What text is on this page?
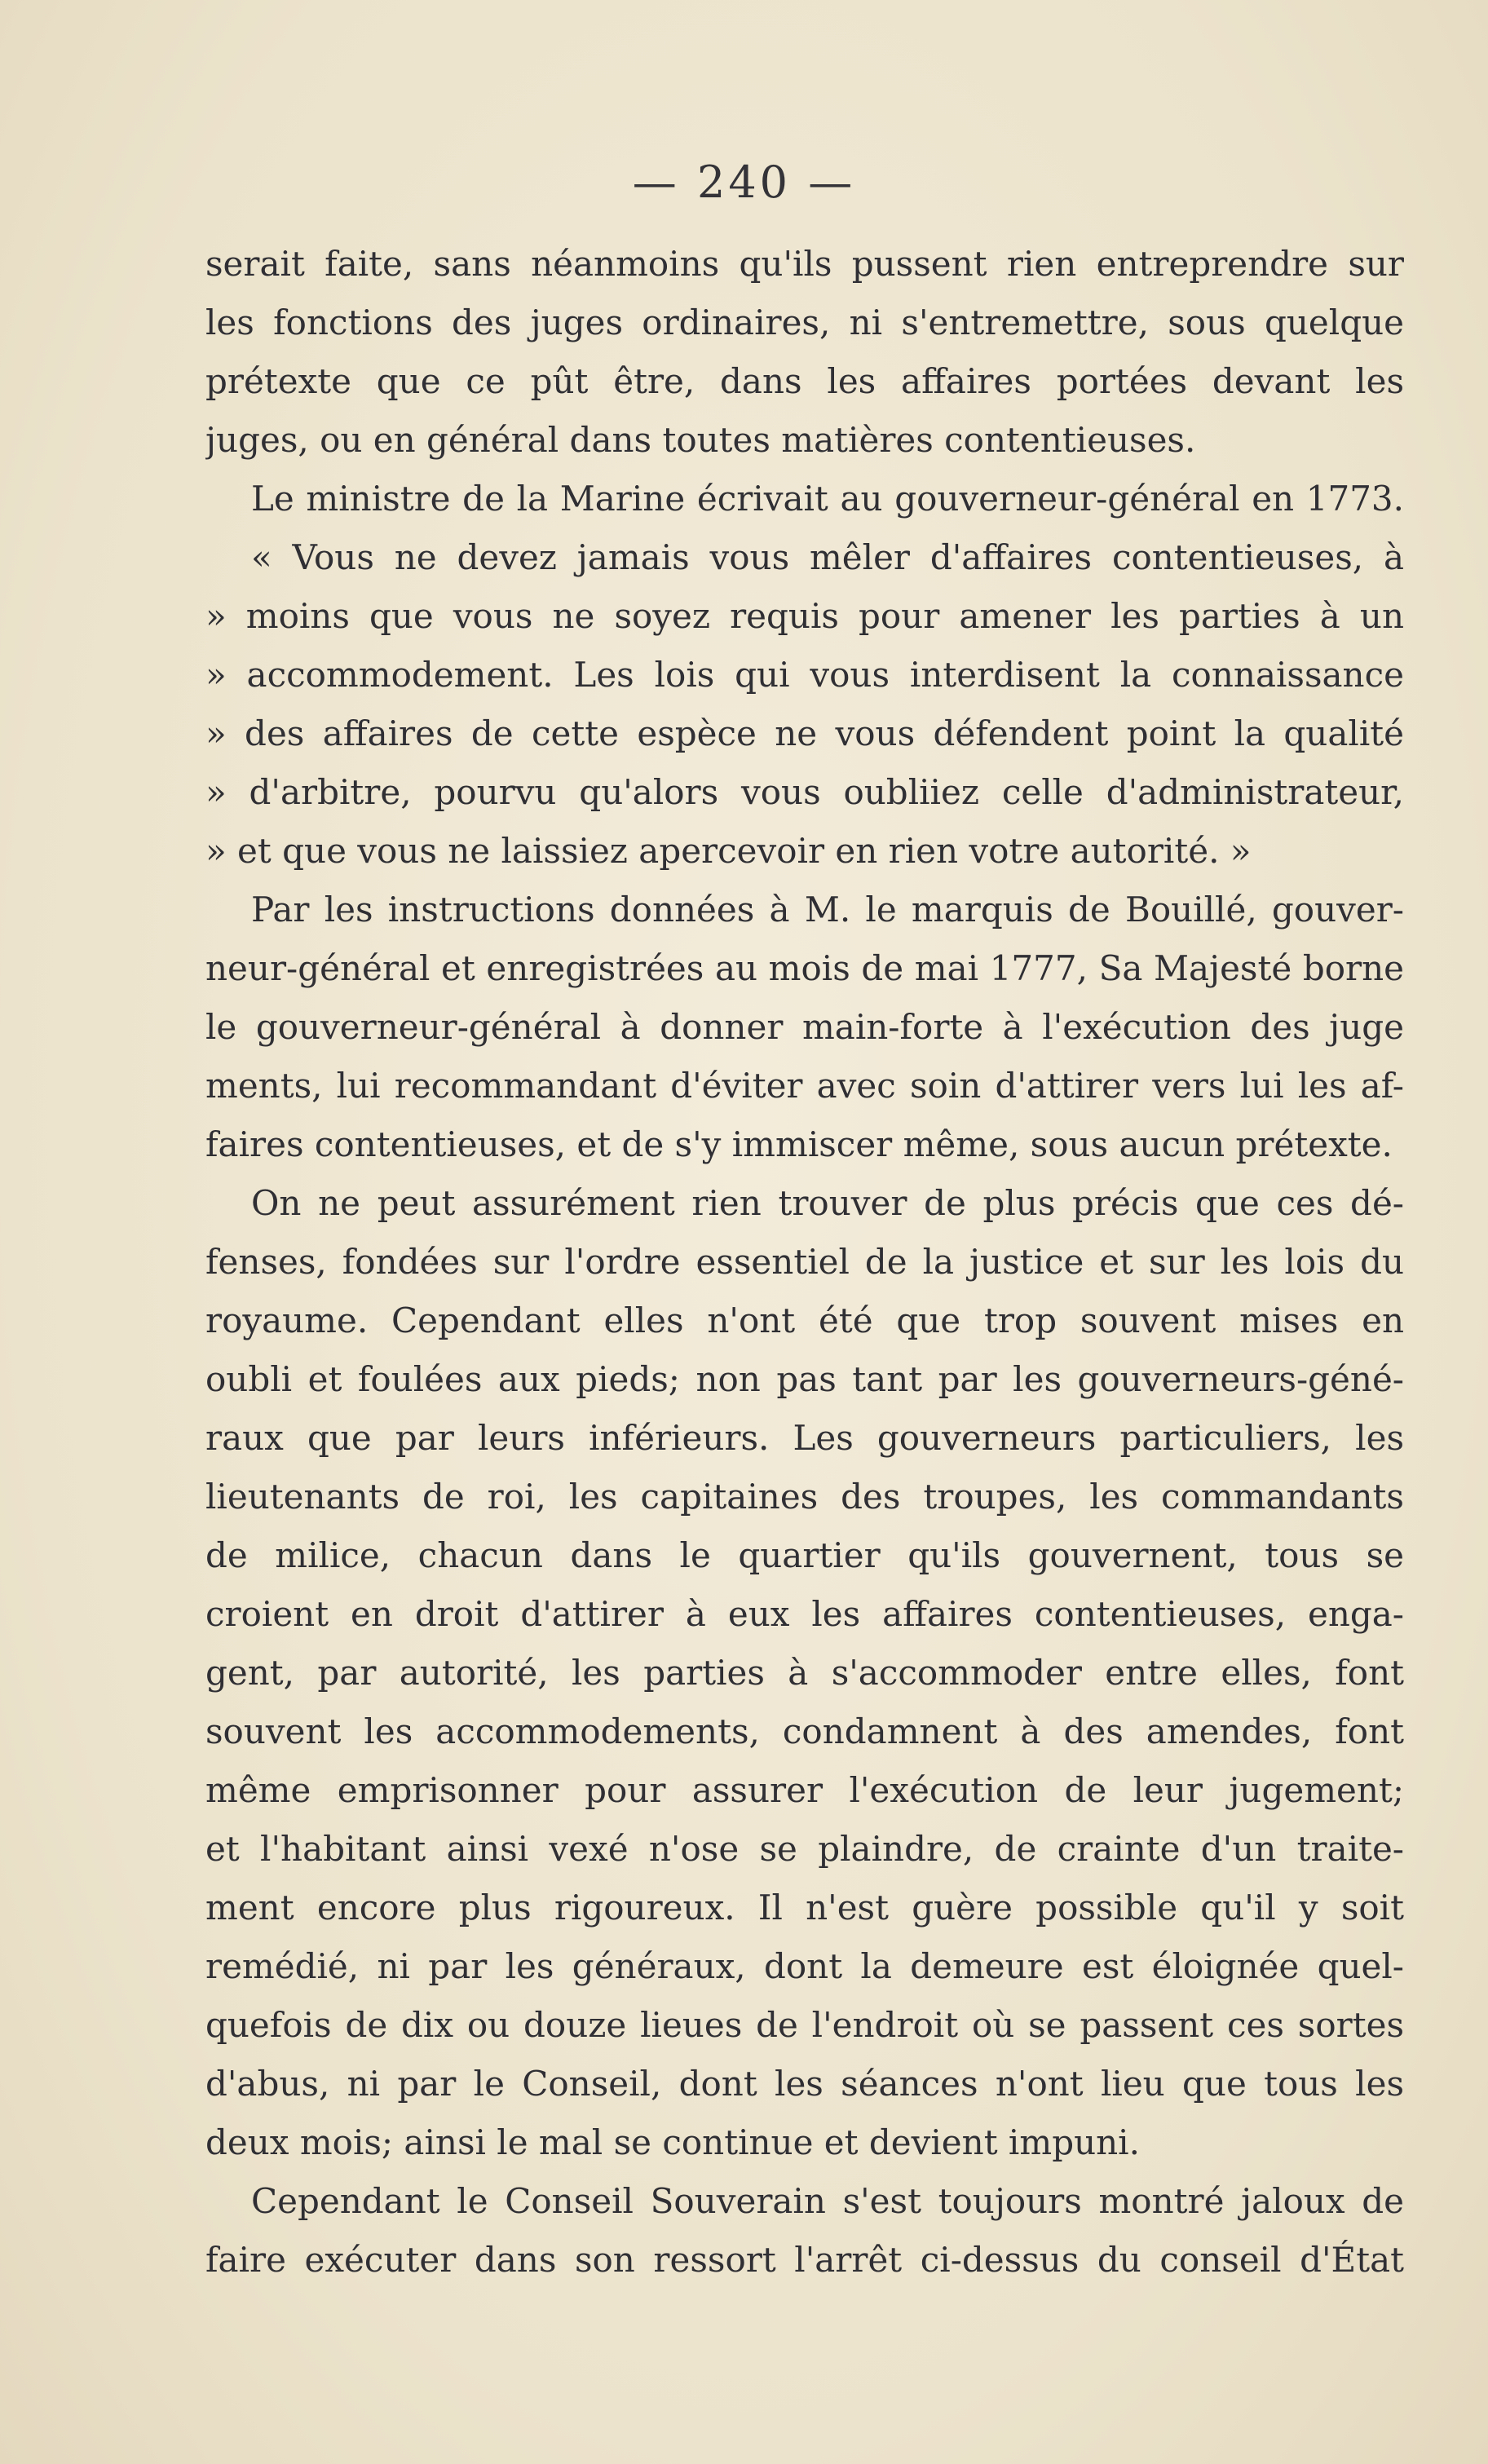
— 240 —
serait faite, sans néanmoins qu'ils pussent rien entreprendre sur
les fonctions des juges ordinaires, ni s'entremettre, sous quelque
prétexte que ce pût être, dans les affaires portées devant les
juges, ou en général dans toutes matières contentieuses.
Le ministre de la Marine écrivait au gouverneur-général en 1773.
« Vous ne devez jamais vous mêler d'affaires contentieuses, à
» moins que vous ne soyez requis pour amener les parties à un
» accommodement. Les lois qui vous interdisent la connaissance
» des affaires de cette espèce ne vous défendent point la qualité
» d'arbitre, pourvu qu'alors vous oubliiez celle d'administrateur,
» et que vous ne laissiez apercevoir en rien votre autorité. »
Par les instructions données à M. le marquis de Bouillé, gouver-
neur-général et enregistrées au mois de mai 1777, Sa Majesté borne
le gouverneur-général à donner main-forte à l'exécution des juge
ments, lui recommandant d'éviter avec soin d'attirer vers lui les af-
faires contentieuses, et de s'y immiscer même, sous aucun prétexte.
On ne peut assurément rien trouver de plus précis que ces dé-
fenses, fondées sur l'ordre essentiel de la justice et sur les lois du
royaume. Cependant elles n'ont été que trop souvent mises en
oubli et foulées aux pieds; non pas tant par les gouverneurs-géné-
raux que par leurs inférieurs. Les gouverneurs particuliers, les
lieutenants de roi, les capitaines des troupes, les commandants
de milice, chacun dans le quartier qu'ils gouvernent, tous se
croient en droit d'attirer à eux les affaires contentieuses, enga-
gent, par autorité, les parties à s'accommoder entre elles, font
souvent les accommodements, condamnent à des amendes, font
même emprisonner pour assurer l'exécution de leur jugement;
et l'habitant ainsi vexé n'ose se plaindre, de crainte d'un traite-
ment encore plus rigoureux. Il n'est guère possible qu'il y soit
remédié, ni par les généraux, dont la demeure est éloignée quel-
quefois de dix ou douze lieues de l'endroit où se passent ces sortes
d'abus, ni par le Conseil, dont les séances n'ont lieu que tous les
deux mois; ainsi le mal se continue et devient impuni.
Cependant le Conseil Souverain s'est toujours montré jaloux de
faire exécuter dans son ressort l'arrêt ci-dessus du conseil d'État
